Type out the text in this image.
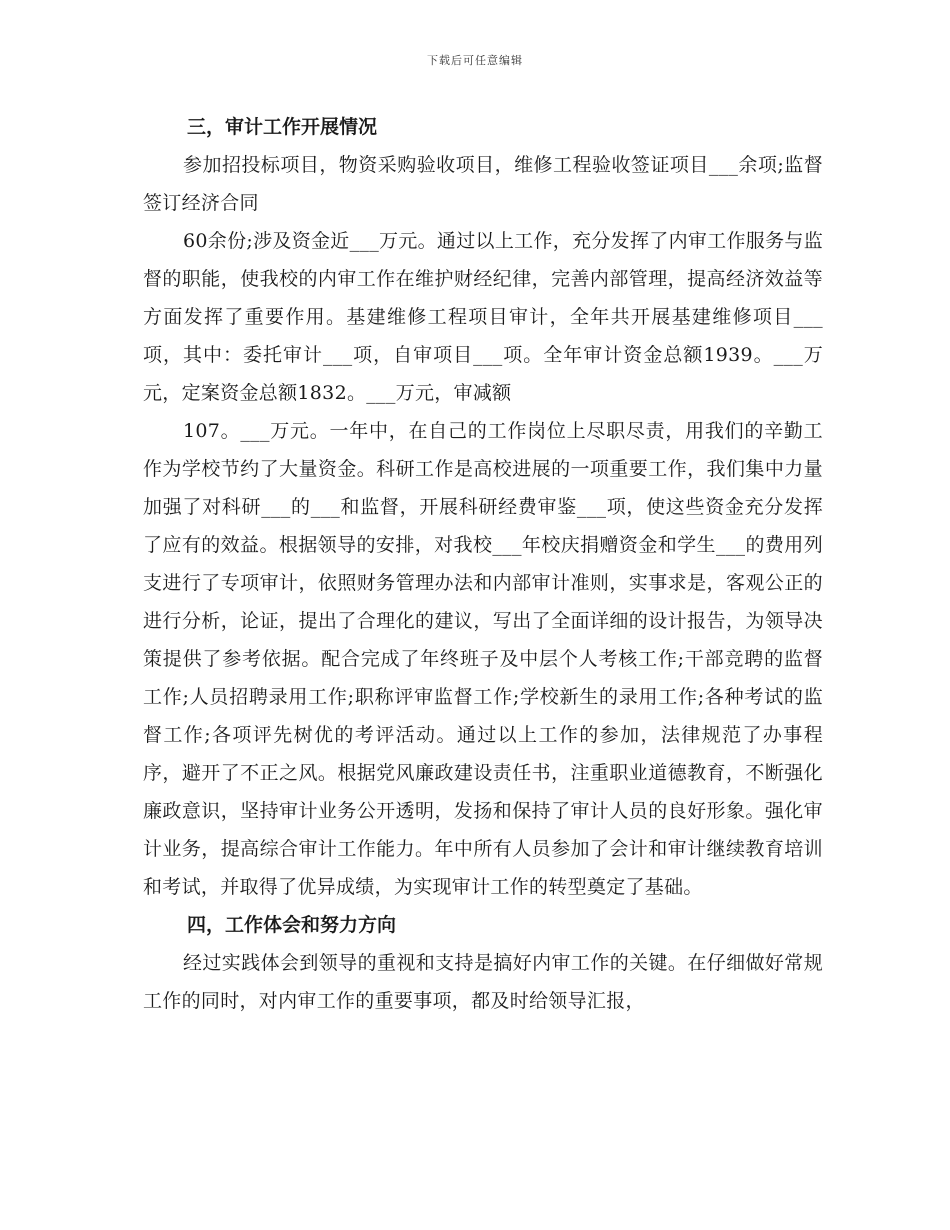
下载后可任意编辑
三，审计工作开展情况

参加招投标项目，物资采购验收项目，维修工程验收签证项目___余项;监督签订经济合同

60余份;涉及资金近___万元。通过以上工作，充分发挥了内审工作服务与监督的职能，使我校的内审工作在维护财经纪律，完善内部管理，提高经济效益等方面发挥了重要作用。基建维修工程项目审计，全年共开展基建维修项目___项，其中：委托审计___项，自审项目___项。全年审计资金总额1939。___万元，定案资金总额1832。___万元，审减额

107。___万元。一年中，在自己的工作岗位上尽职尽责，用我们的辛勤工作为学校节约了大量资金。科研工作是高校进展的一项重要工作，我们集中力量加强了对科研___的___和监督，开展科研经费审鉴___项，使这些资金充分发挥了应有的效益。根据领导的安排，对我校___年校庆捐赠资金和学生___的费用列支进行了专项审计，依照财务管理办法和内部审计准则，实事求是，客观公正的进行分析，论证，提出了合理化的建议，写出了全面详细的设计报告，为领导决策提供了参考依据。配合完成了年终班子及中层个人考核工作;干部竞聘的监督工作;人员招聘录用工作;职称评审监督工作;学校新生的录用工作;各种考试的监督工作;各项评先树优的考评活动。通过以上工作的参加，法律规范了办事程序，避开了不正之风。根据党风廉政建设责任书，注重职业道德教育，不断强化廉政意识，坚持审计业务公开透明，发扬和保持了审计人员的良好形象。强化审计业务，提高综合审计工作能力。年中所有人员参加了会计和审计继续教育培训和考试，并取得了优异成绩，为实现审计工作的转型奠定了基础。

四，工作体会和努力方向

经过实践体会到领导的重视和支持是搞好内审工作的关键。在仔细做好常规工作的同时，对内审工作的重要事项，都及时给领导汇报，
